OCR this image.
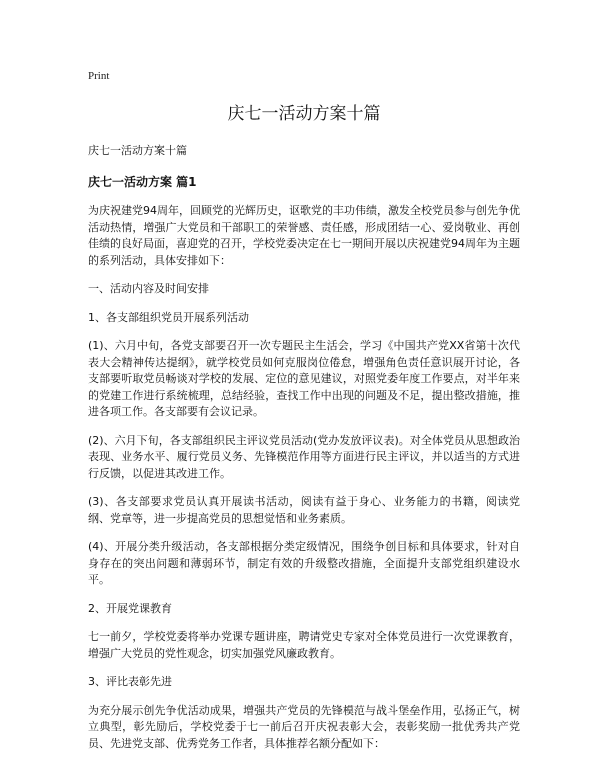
Print
庆七一活动方案十篇
庆七一活动方案十篇
庆七一活动方案 篇1

为庆祝建党94周年，回顾党的光辉历史，讴歌党的丰功伟绩，激发全校党员参与创先争优活动热情，增强广大党员和干部职工的荣誉感、责任感，形成团结一心、爱岗敬业、再创佳绩的良好局面，喜迎党的召开，学校党委决定在七一期间开展以庆祝建党94周年为主题的系列活动，具体安排如下：

一、活动内容及时间安排

1、各支部组织党员开展系列活动

(1)、六月中旬，各党支部要召开一次专题民主生活会，学习《中国共产党XX省第十次代表大会精神传达提纲》，就学校党员如何克服岗位倦怠，增强角色责任意识展开讨论，各支部要听取党员畅谈对学校的发展、定位的意见建议，对照党委年度工作要点，对半年来的党建工作进行系统梳理，总结经验，查找工作中出现的问题及不足，提出整改措施，推进各项工作。各支部要有会议记录。

(2)、六月下旬，各支部组织民主评议党员活动(党办发放评议表)。对全体党员从思想政治表现、业务水平、履行党员义务、先锋模范作用等方面进行民主评议，并以适当的方式进行反馈，以促进其改进工作。

(3)、各支部要求党员认真开展读书活动，阅读有益于身心、业务能力的书籍，阅读党纲、党章等，进一步提高党员的思想觉悟和业务素质。

(4)、开展分类升级活动，各支部根据分类定级情况，围绕争创目标和具体要求，针对自身存在的突出问题和薄弱环节，制定有效的升级整改措施，全面提升支部党组织建设水平。

2、开展党课教育

七一前夕，学校党委将举办党课专题讲座，聘请党史专家对全体党员进行一次党课教育，增强广大党员的党性观念，切实加强党风廉政教育。

3、评比表彰先进

为充分展示创先争优活动成果，增强共产党员的先锋模范与战斗堡垒作用，弘扬正气，树立典型，彰先励后，学校党委于七一前后召开庆祝表彰大会，表彰奖励一批优秀共产党员、先进党支部、优秀党务工作者，具体推荐名额分配如下：
